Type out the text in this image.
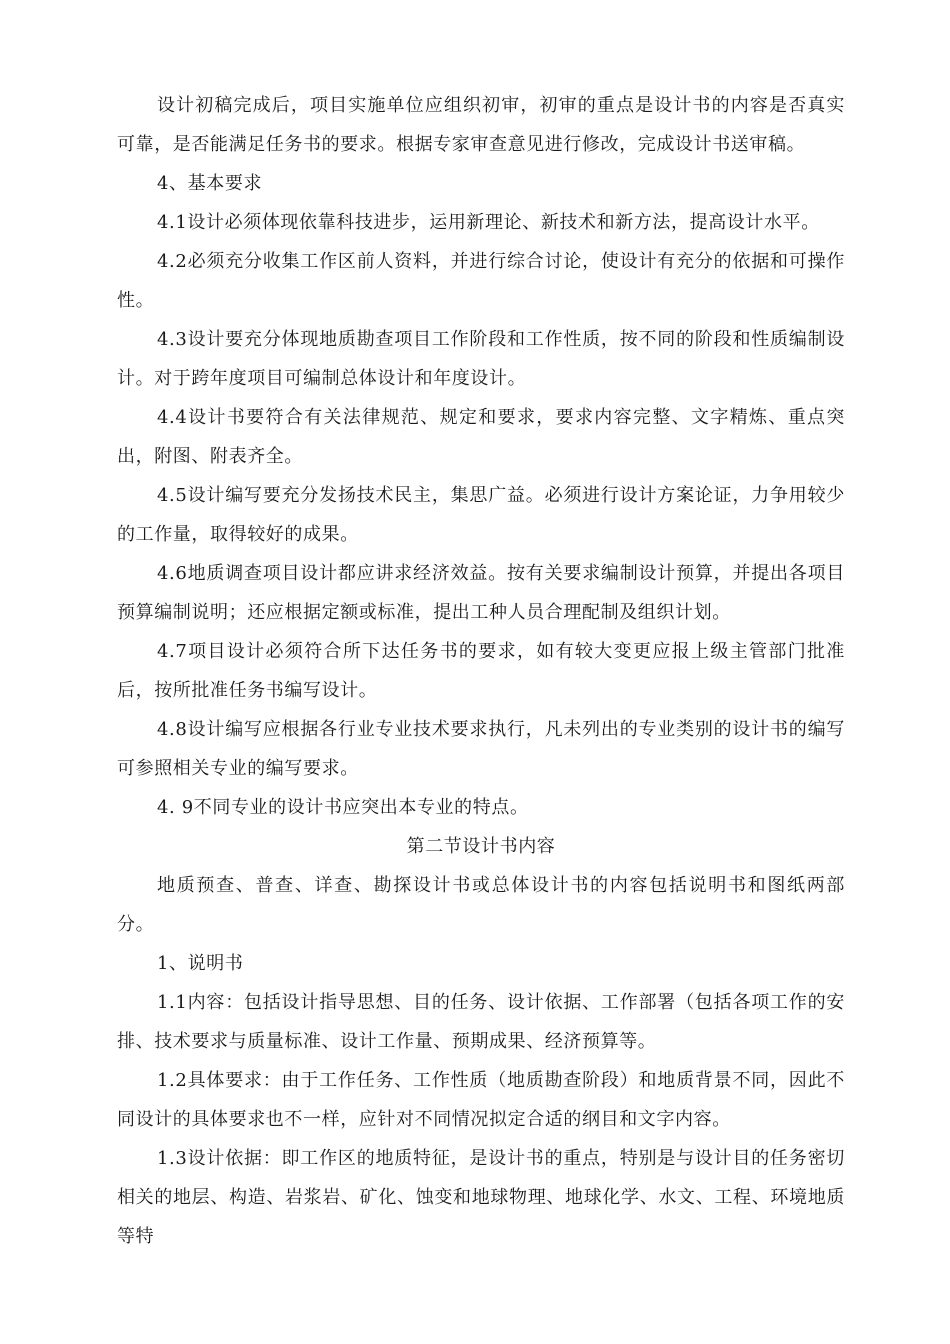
设计初稿完成后，项目实施单位应组织初审，初审的重点是设计书的内容是否真实可靠，是否能满足任务书的要求。根据专家审查意见进行修改，完成设计书送审稿。

4、基本要求

4.1设计必须体现依靠科技进步，运用新理论、新技术和新方法，提高设计水平。

4.2必须充分收集工作区前人资料，并进行综合讨论，使设计有充分的依据和可操作性。

4.3设计要充分体现地质勘查项目工作阶段和工作性质，按不同的阶段和性质编制设计。对于跨年度项目可编制总体设计和年度设计。

4.4设计书要符合有关法律规范、规定和要求，要求内容完整、文字精炼、重点突出，附图、附表齐全。

4.5设计编写要充分发扬技术民主，集思广益。必须进行设计方案论证，力争用较少的工作量，取得较好的成果。

4.6地质调查项目设计都应讲求经济效益。按有关要求编制设计预算，并提出各项目预算编制说明；还应根据定额或标准，提出工种人员合理配制及组织计划。

4.7项目设计必须符合所下达任务书的要求，如有较大变更应报上级主管部门批准后，按所批准任务书编写设计。

4.8设计编写应根据各行业专业技术要求执行，凡未列出的专业类别的设计书的编写可参照相关专业的编写要求。

4. 9不同专业的设计书应突出本专业的特点。

第二节设计书内容

地质预查、普查、详查、勘探设计书或总体设计书的内容包括说明书和图纸两部分。

1、说明书

1.1内容：包括设计指导思想、目的任务、设计依据、工作部署（包括各项工作的安排、技术要求与质量标准、设计工作量、预期成果、经济预算等。

1.2具体要求：由于工作任务、工作性质（地质勘查阶段）和地质背景不同，因此不同设计的具体要求也不一样，应针对不同情况拟定合适的纲目和文字内容。

1.3设计依据：即工作区的地质特征，是设计书的重点，特别是与设计目的任务密切相关的地层、构造、岩浆岩、矿化、蚀变和地球物理、地球化学、水文、工程、环境地质等特
